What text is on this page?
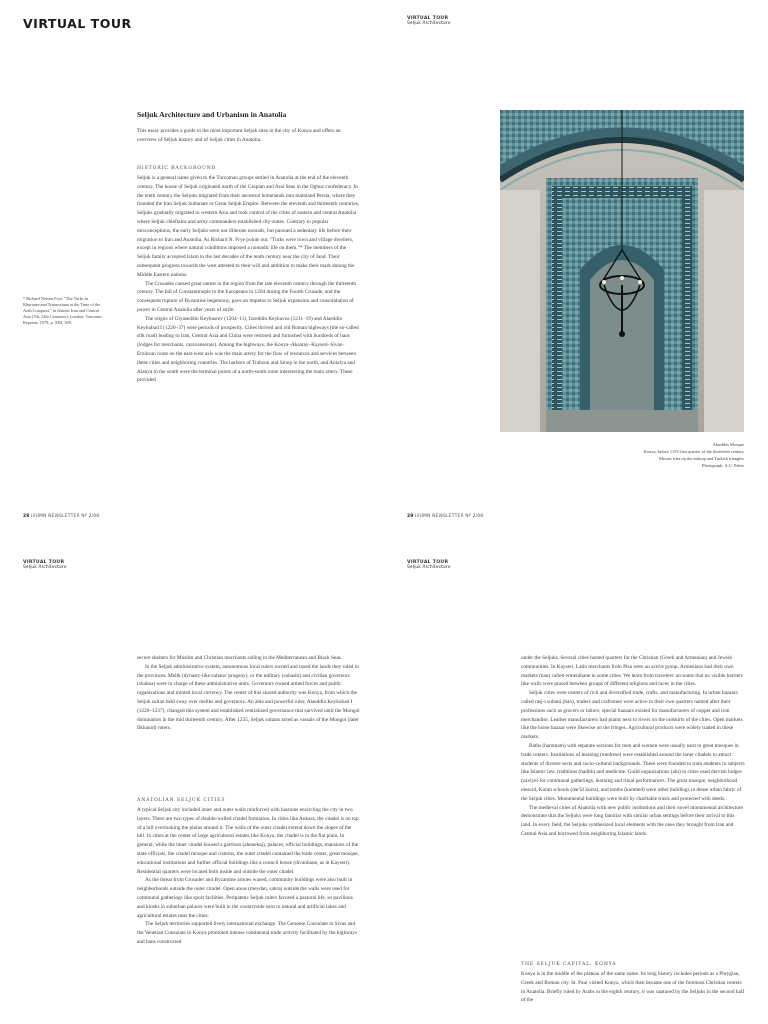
VIRTUAL TOUR
Seljuk Architecture and Urbanism in Anatolia

This essay provides a guide to the most important Seljuk sites in the city of Konya and offers an overview of Seljuk history and of Seljuk cities in Anatolia.

HISTORIC BACKGROUND

Seljuk is a general name given to the Turcoman groups settled in Anatolia at the end of the eleventh century. The house of Seljuk originated north of the Caspian and Aral Seas in the Oghuz confederacy. In the tenth century the Seljuks migrated from their ancestral homelands into mainland Persia, where they founded the Iran Seljuk Sultanate or Great Seljuk Empire. Between the eleventh and thirteenth centuries, Seljuks gradually migrated to western Asia and took control of the cities of eastern and central Anatolia where Seljuk chieftains and army commanders established city-states. Contrary to popular misconceptions, the early Seljuks were not illiterate nomads, but pursued a sedentary life before their migration to Iran and Anatolia. As Richard N. Frye points out, "Turks were town and village dwellers, except in regions where natural conditions imposed a nomadic life on them."* The members of the Seljuk family accepted Islam in the last decades of the tenth century near the city of Jand. Their subsequent progress towards the west attested to their will and ambition to make their mark among the Middle Eastern nations.

The Crusades caused great unrest in the region from the late eleventh century through the thirteenth century. The fall of Constantinople to the Europeans in 1204 during the Fourth Crusade, and the consequent rupture of Byzantine hegemony, gave an impetus to Seljuk expansion and consolidation of power in Central Anatolia after years of strife.

The reigns of Giyaseddin Keyhusrev (1204–11), Izzeddin Keykavus (1211–19) and Alaeddin Keykubad I (1220–37) were periods of prosperity. Cities thrived and old Roman highways (the so-called silk road) leading to Iran, Central Asia and China were restored and furnished with hundreds of hans (lodges for merchants, caravanserais). Among the highways, the Konya–Aksaray–Kayseri–Sivas–Erzincan route on the east-west axis was the main artery for the flow of resources and services between these cities and neighboring countries. The harbors of Trabzon and Sinop in the north, and Antalya and Alanya in the south were the terminal points of a north-south route intersecting the main artery. These provided

* Richard Nelson Frye, "The Turks in Khurasan and Transoxiana at the Time of the Arab Conquest," in Islamic Iran and Central Asia (7th–12th Centuries), London: Variorum Reprints, 1979, p. XIII: 309.
28 ISHMN NEWSLETTER Nº 2/08
VIRTUAL TOUR
Seljuk Architecture
Alaeddin Mosque
Konya, before 1155-first quarter of the thirteenth century
Mosaic tiles on the mihrap and Turkish triangles
Photograph: A.U. Peker
29 ISHMN NEWSLETTER Nº 2/08
VIRTUAL TOUR
Seljuk Architecture

secure shelters for Muslim and Christian merchants sailing in the Mediterranean and Black Seas.

In the Seljuk administrative system, autonomous local rulers owned and taxed the lands they ruled in the provinces. Melik (dynasty-like sultans' progeny), or the military (subashi) and civilian governors (shahna) were in charge of these administrative units. Governors owned armed forces and public organizations and minted local currency. The center of this shared authority was Konya, from which the Seljuk sultan held sway over meliks and governors. An able and powerful ruler, Alaeddin Keykubad I (1220–1237), changed this system and established centralized governance that survived until the Mongol domination in the mid thirteenth century. After 1235, Seljuk sultans acted as vassals of the Mongol (later Ilkhanid) rulers.

ANATOLIAN SELJUK CITIES

A typical Seljuk city included inner and outer walls reinforced with bastions encircling the city in two layers. There are two types of double-walled citadel formation. In cities like Ankara, the citadel is on top of a hill overlooking the plains around it. The walls of the outer citadel extend down the slopes of the hill. In cities at the center of large agricultural estates like Konya, the citadel is in the flat plain. In general, while the inner citadel housed a garrison (ahenekaj), palaces, official buildings, mansions of the state officials, the citadel mosque and cisterns, the outer citadel contained the trade center, great mosque, educational institutions and further official buildings like a council house (divanhane, as in Kayseri). Residential quarters were located both inside and outside the outer citadel.

As the threat from Crusader and Byzantine armies waned, community buildings were also built in neighborhoods outside the outer citadel. Open areas (meydan, sahra) outside the walls were used for communal gatherings like sport facilities. Peripatetic Seljuk rulers favored a pastoral life, so pavilions and kiosks in suburban palaces were built in the countryside next to natural and artificial lakes and agricultural estates near the cities.

The Seljuk territories supported lively international exchange. The Genoese Consulate in Sivas and the Venetian Consulate in Konya promoted intense continental trade activity facilitated by the highways and hans constructed

VIRTUAL TOUR
Seljuk Architecture

under the Seljuks. Several cities hosted quarters for the Christian (Greek and Armenian) and Jewish communities. In Kayseri, Latin merchants from Pisa were an active group. Armenians had their own markets (han) called ermenihane in some cities. We learn from travelers' accounts that no visible barriers like walls were placed between groups of different religions and races in the cities.

Seljuk cities were centers of rich and diversified trade, crafts, and manufacturing. In urban bazaars called rasj-i sultani (han), traders and craftsmen were active in their own quarters named after their professions such as grocers or tailors; special bazaars existed for manufacturers of copper and iron merchandise. Leather manufacturers had plants next to rivers on the outskirts of the cities. Open markets like the horse bazaar were likewise on the fringes. Agricultural products were widely traded in these markets.

Baths (hammam) with separate sections for men and women were usually next to great mosques in trade centers. Institutions of learning (medrese) were established around the inner citadels to attract students of diverse sects and socio-cultural backgrounds. These were founded to train students in subjects like Islamic law, traditions (hadith) and medicine. Guild organizations (ahi) in cities used dervish lodges (zaviye) for communal gatherings, learning and ritual performances. The great mosque, neighborhood mescid, Koran schools (dar'ül kurra), and tombs (kumbed) were other buildings in dense urban fabric of the Seljuk cities. Monumental buildings were built by charitable trusts and protected with deeds.

The medieval cities of Anatolia with new public institutions and their novel monumental architecture demonstrate that the Seljuks were long familiar with similar urban settings before their arrival to this land. In every field, the Seljuks synthesized local elements with the ones they brought from Iran and Central Asia and borrowed from neighboring Islamic lands.

THE SELJUK CAPITAL: KONYA

Konya is in the middle of the plateau of the same name. Its long history includes periods as a Phrygian, Greek and Roman city. St. Paul visited Konya, which then became one of the foremost Christian centers in Anatolia. Briefly ruled by Arabs in the eighth century, it was captured by the Seljuks in the second half of the
